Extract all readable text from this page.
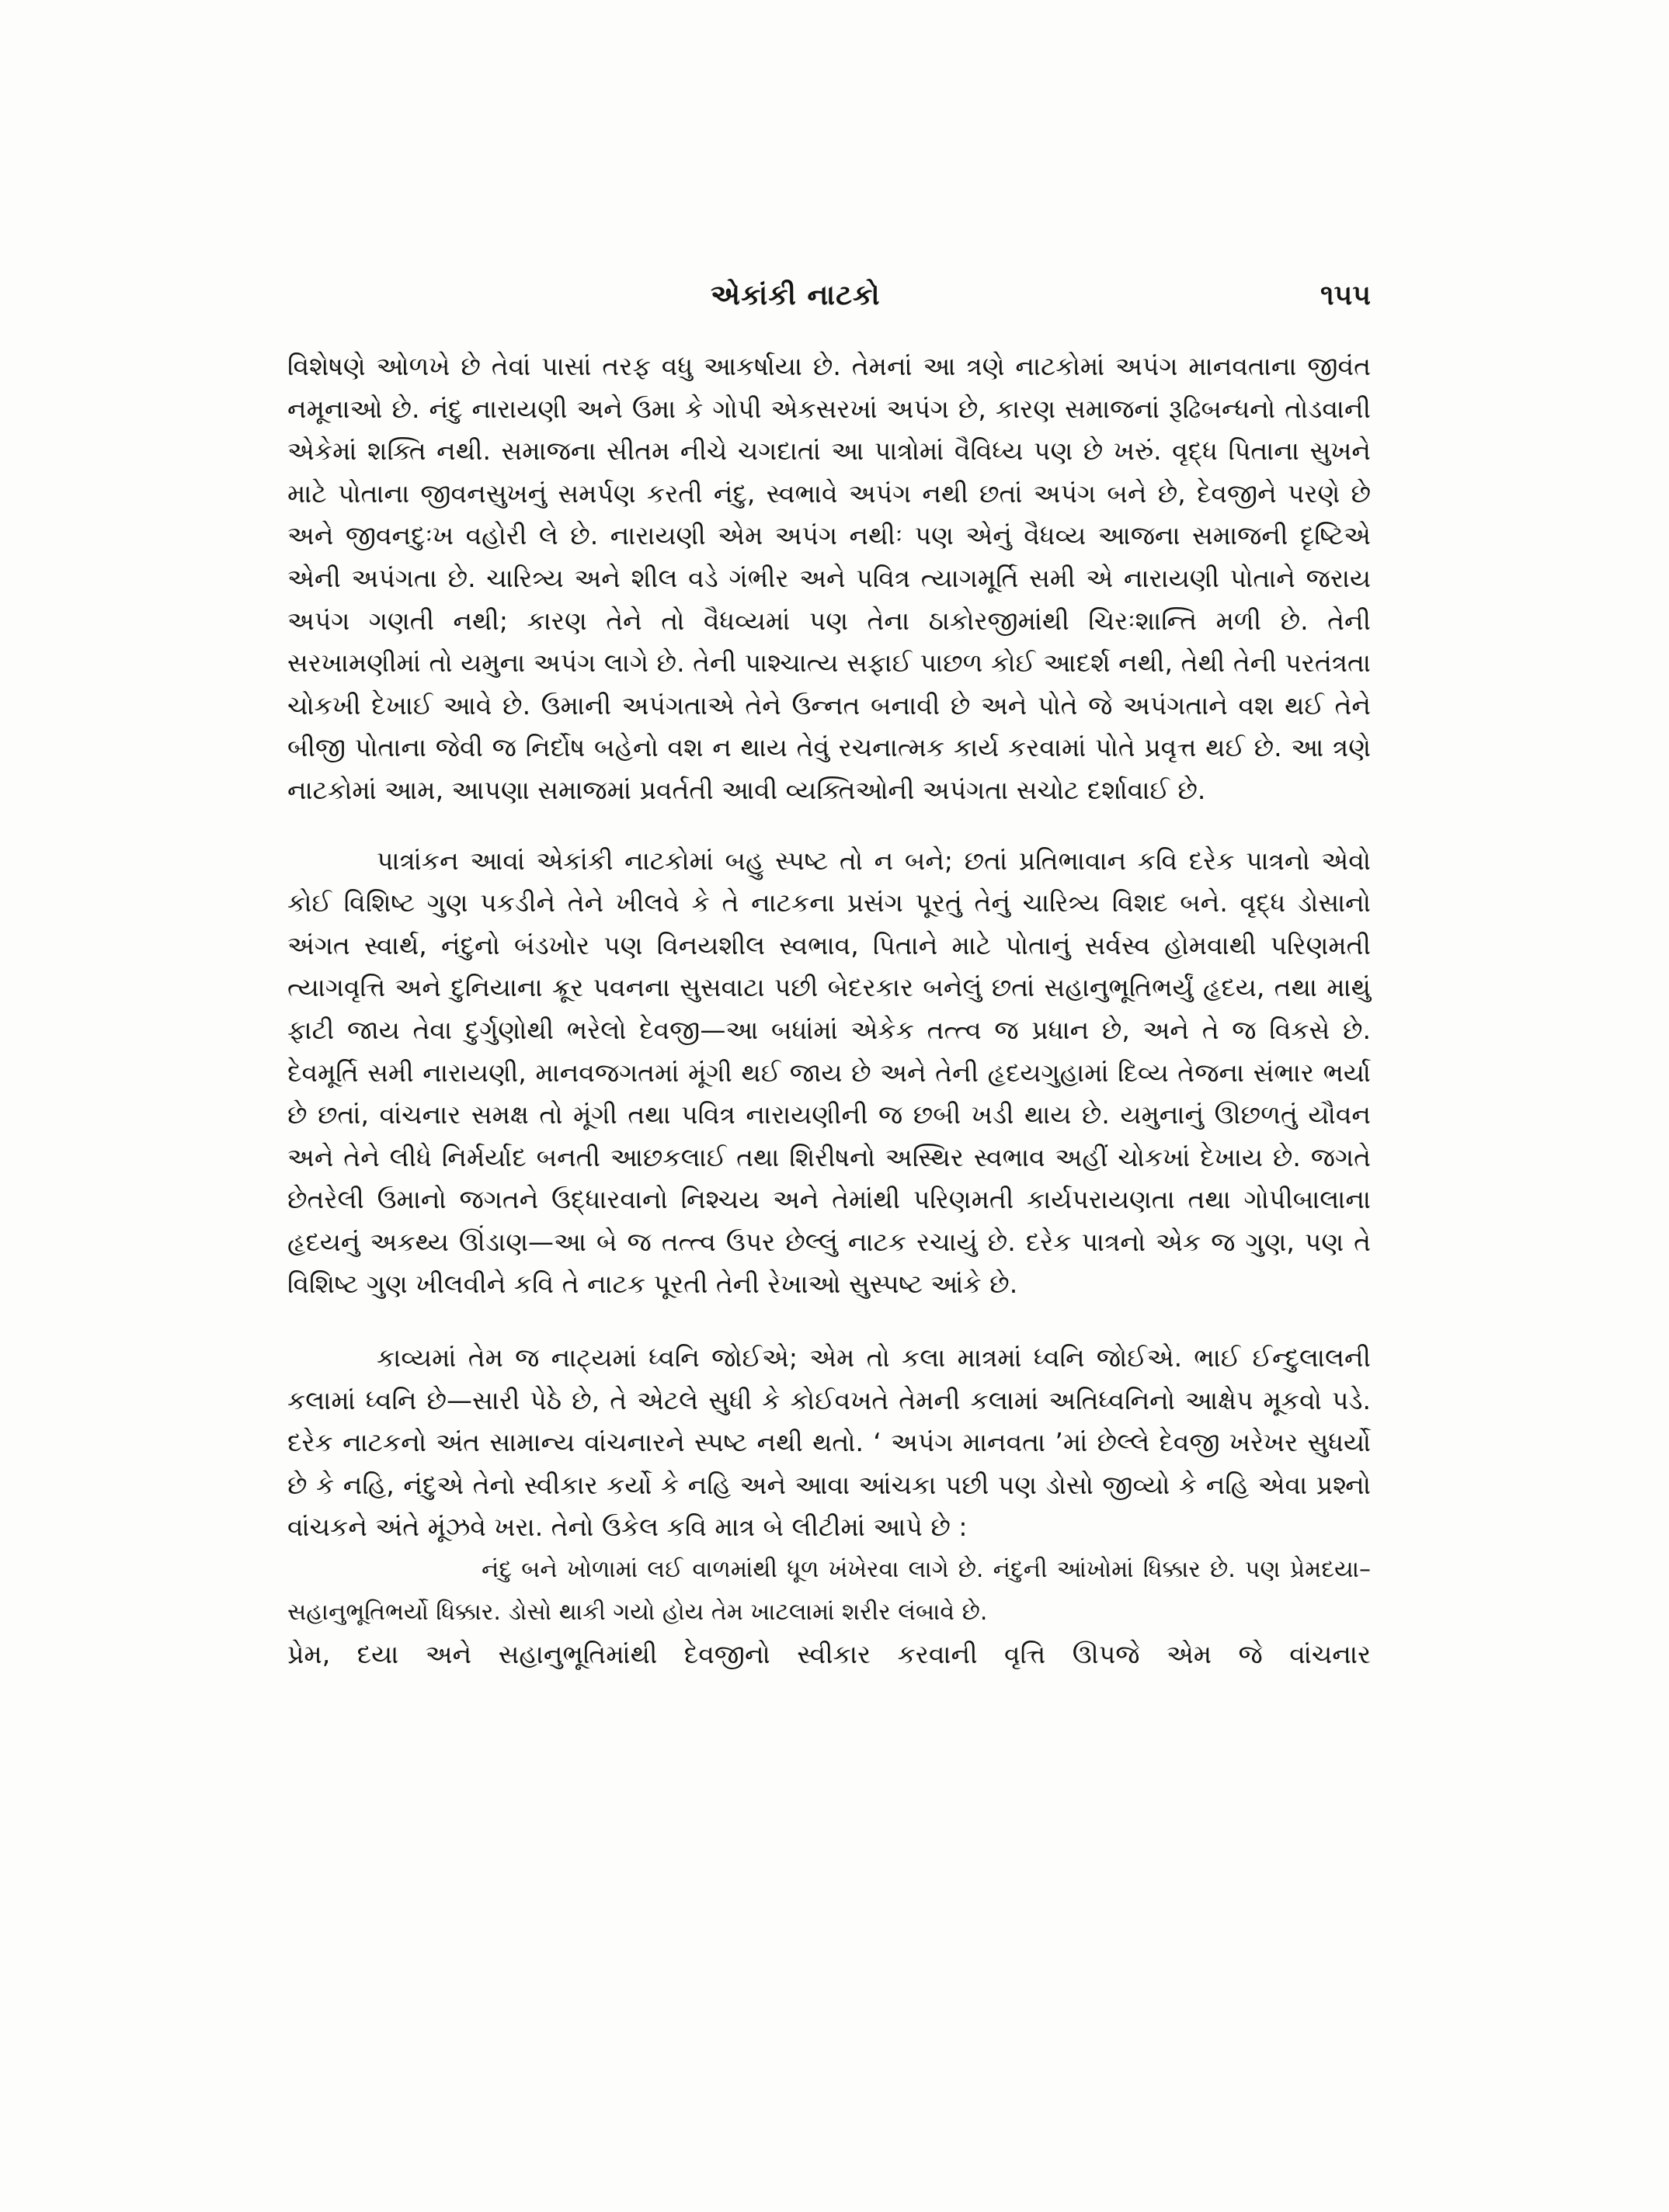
એકાંકી નાટકો	૧૫૫

વિશેષણે ઓળખે છે તેવાં પાસાં તરફ વધુ આકર્ષાયા છે. તેમનાં આ ત્રણે નાટકોમાં અપંગ માનવતાના જીવંત નમૂનાઓ છે. નંદુ નારાયણી અને ઉમા કે ગોપી એકસરખાં અપંગ છે, કારણ સમાજનાં રૂઢિબન્ધનો તોડવાની એકેમાં શક્તિ નથી. સમાજના સીતમ નીચે ચગદાતાં આ પાત્રોમાં વૈવિધ્ય પણ છે ખરું. વૃદ્ધ પિતાના સુખને માટે પોતાના જીવનસુખનું સમર્પણ કરતી નંદુ, સ્વભાવે અપંગ નથી છતાં અપંગ બને છે, દેવજીને પરણે છે અને જીવનદુઃખ વહોરી લે છે. નારાયણી એમ અપંગ નથીઃ પણ એનું વૈધવ્ય આજના સમાજની દૃષ્ટિએ એની અપંગતા છે. ચારિત્ર્ય અને શીલ વડે ગંભીર અને પવિત્ર ત્યાગમૂર્તિ સમી એ નારાયણી પોતાને જરાય અપંગ ગણતી નથી; કારણ તેને તો વૈધવ્યમાં પણ તેના ઠાકોરજીમાંથી ચિરઃશાન્તિ મળી છે. તેની સરખામણીમાં તો યમુના અપંગ લાગે છે. તેની પાશ્ચાત્ય સફાઈ પાછળ કોઈ આદર્શ નથી, તેથી તેની પરતંત્રતા ચોકખી દેખાઈ આવે છે. ઉમાની અપંગતાએ તેને ઉન્નત બનાવી છે અને પોતે જે અપંગતાને વશ થઈ તેને બીજી પોતાના જેવી જ નિર્દોષ બહેનો વશ ન થાય તેવું રચનાત્મક કાર્ય કરવામાં પોતે પ્રવૃત્ત થઈ છે. આ ત્રણે નાટકોમાં આમ, આપણા સમાજમાં પ્રવર્તતી આવી વ્યક્તિઓની અપંગતા સચોટ દર્શાવાઈ છે.

પાત્રાંકન આવાં એકાંકી નાટકોમાં બહુ સ્પષ્ટ તો ન બને; છતાં પ્રતિભાવાન કવિ દરેક પાત્રનો એવો કોઈ વિશિષ્ટ ગુણ પકડીને તેને ખીલવે કે તે નાટકના પ્રસંગ પૂરતું તેનું ચારિત્ર્ય વિશદ બને. વૃદ્ધ ડોસાનો અંગત સ્વાર્થ, નંદુનો બંડખોર પણ વિનયશીલ સ્વભાવ, પિતાને માટે પોતાનું સર્વસ્વ હોમવાથી પરિણમતી ત્યાગવૃત્તિ અને દુનિયાના ક્રૂર પવનના સુસવાટા પછી બેદરકાર બનેલું છતાં સહાનુભૂતિભર્યું હૃદય, તથા માથું ફાટી જાય તેવા દુર્ગુણોથી ભરેલો દેવજી—આ બધાંમાં એકેક તત્ત્વ જ પ્રધાન છે, અને તે જ વિકસે છે. દેવમૂર્તિ સમી નારાયણી, માનવજગતમાં મૂંગી થઈ જાય છે અને તેની હૃદયગુહામાં દિવ્ય તેજના સંભાર ભર્યા છે છતાં, વાંચનાર સમક્ષ તો મૂંગી તથા પવિત્ર નારાયણીની જ છબી ખડી થાય છે. યમુનાનું ઊછળતું યૌવન અને તેને લીધે નિર્મર્યાદ બનતી આછકલાઈ તથા શિરીષનો અસ્થિર સ્વભાવ અહીં ચોકખાં દેખાય છે. જગતે છેતરેલી ઉમાનો જગતને ઉદ્ધારવાનો નિશ્ચય અને તેમાંથી પરિણમતી કાર્યપરાયણતા તથા ગોપીબાલાના હૃદયનું અકથ્ય ઊંડાણ—આ બે જ તત્ત્વ ઉપર છેલ્લું નાટક રચાયું છે. દરેક પાત્રનો એક જ ગુણ, પણ તે વિશિષ્ટ ગુણ ખીલવીને કવિ તે નાટક પૂરતી તેની રેખાઓ સુસ્પષ્ટ આંકે છે.

કાવ્યમાં તેમ જ નાટ્યમાં ધ્વનિ જોઈએ; એમ તો કલા માત્રમાં ધ્વનિ જોઈએ. ભાઈ ઈન્દુલાલની કલામાં ધ્વનિ છે—સારી પેઠે છે, તે એટલે સુધી કે કોઈવખતે તેમની કલામાં અતિધ્વનિનો આક્ષેપ મૂકવો પડે. દરેક નાટકનો અંત સામાન્ય વાંચનારને સ્પષ્ટ નથી થતો. ‘ અપંગ માનવતા ’માં છેલ્લે દેવજી ખરેખર સુધર્યો છે કે નહિ, નંદુએ તેનો સ્વીકાર કર્યો કે નહિ અને આવા આંચકા પછી પણ ડોસો જીવ્યો કે નહિ એવા પ્રશ્નો વાંચકને અંતે મૂંઝવે ખરા. તેનો ઉકેલ કવિ માત્ર બે લીટીમાં આપે છે :

નંદુ બને ખોળામાં લઈ વાળમાંથી ધૂળ ખંખેરવા લાગે છે. નંદુની આંખોમાં ધિક્કાર છે. પણ પ્રેમદયા–સહાનુભૂતિભર્યો ધિક્કાર. ડોસો થાકી ગયો હોય તેમ ખાટલામાં શરીર લંબાવે છે.

પ્રેમ, દયા અને સહાનુભૂતિમાંથી દેવજીનો સ્વીકાર કરવાની વૃત્તિ ઊપજે એમ જે વાંચનાર
